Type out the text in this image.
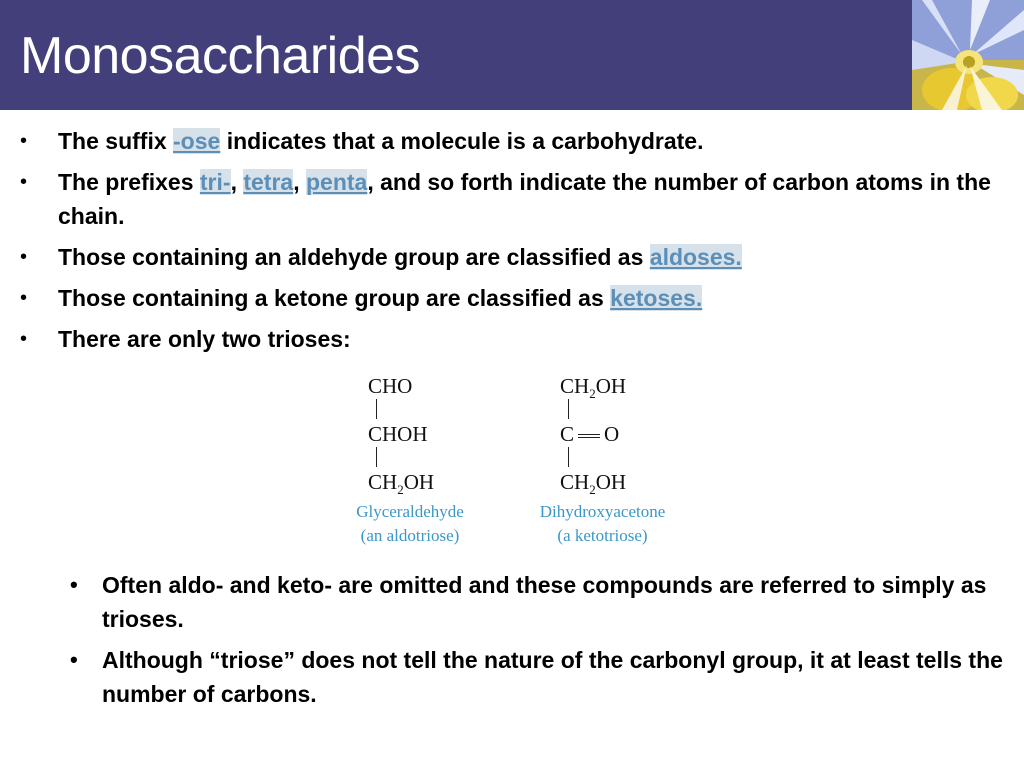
Monosaccharides
• The suffix -ose indicates that a molecule is a carbohydrate.
• The prefixes tri-, tetra, penta, and so forth indicate the number of carbon atoms in the chain.
• Those containing an aldehyde group are classified as aldoses.
• Those containing a ketone group are classified as ketoses.
• There are only two trioses:
CHO
CHOH
$CH_2OH$
Glyceraldehyde
(an aldotriose)
$CH_2OH$
C O
$CH_2OH$
Dihydroxyacetone
(a ketotriose)
• Often aldo- and keto- are omitted and these compounds are referred to simply as trioses.
• Although “triose” does not tell the nature of the carbonyl group, it at least tells the number of carbons.
